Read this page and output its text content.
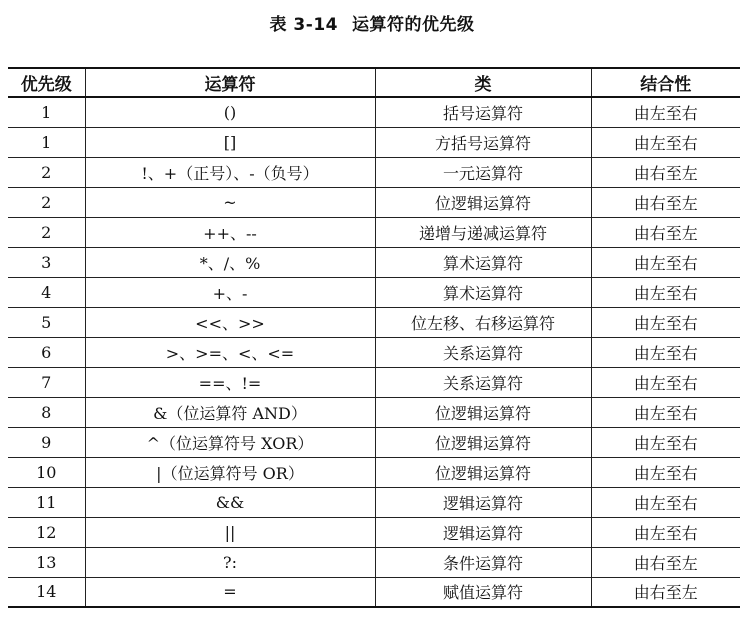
表 3-14 运算符的优先级
优先级	运算符	类	结合性
1	()	括号运算符	由左至右
1	[]	方括号运算符	由左至右
2	!、+（正号）、-（负号）	一元运算符	由右至左
2	~	位逻辑运算符	由右至左
2	++、--	递增与递减运算符	由右至左
3	*、/、%	算术运算符	由左至右
4	+、-	算术运算符	由左至右
5	<<、>>	位左移、右移运算符	由左至右
6	>、>=、<、<=	关系运算符	由左至右
7	==、!=	关系运算符	由左至右
8	&（位运算符 AND）	位逻辑运算符	由左至右
9	^（位运算符号 XOR）	位逻辑运算符	由左至右
10	|（位运算符号 OR）	位逻辑运算符	由左至右
11	&&	逻辑运算符	由左至右
12	||	逻辑运算符	由左至右
13	?:	条件运算符	由右至左
14	=	赋值运算符	由右至左
